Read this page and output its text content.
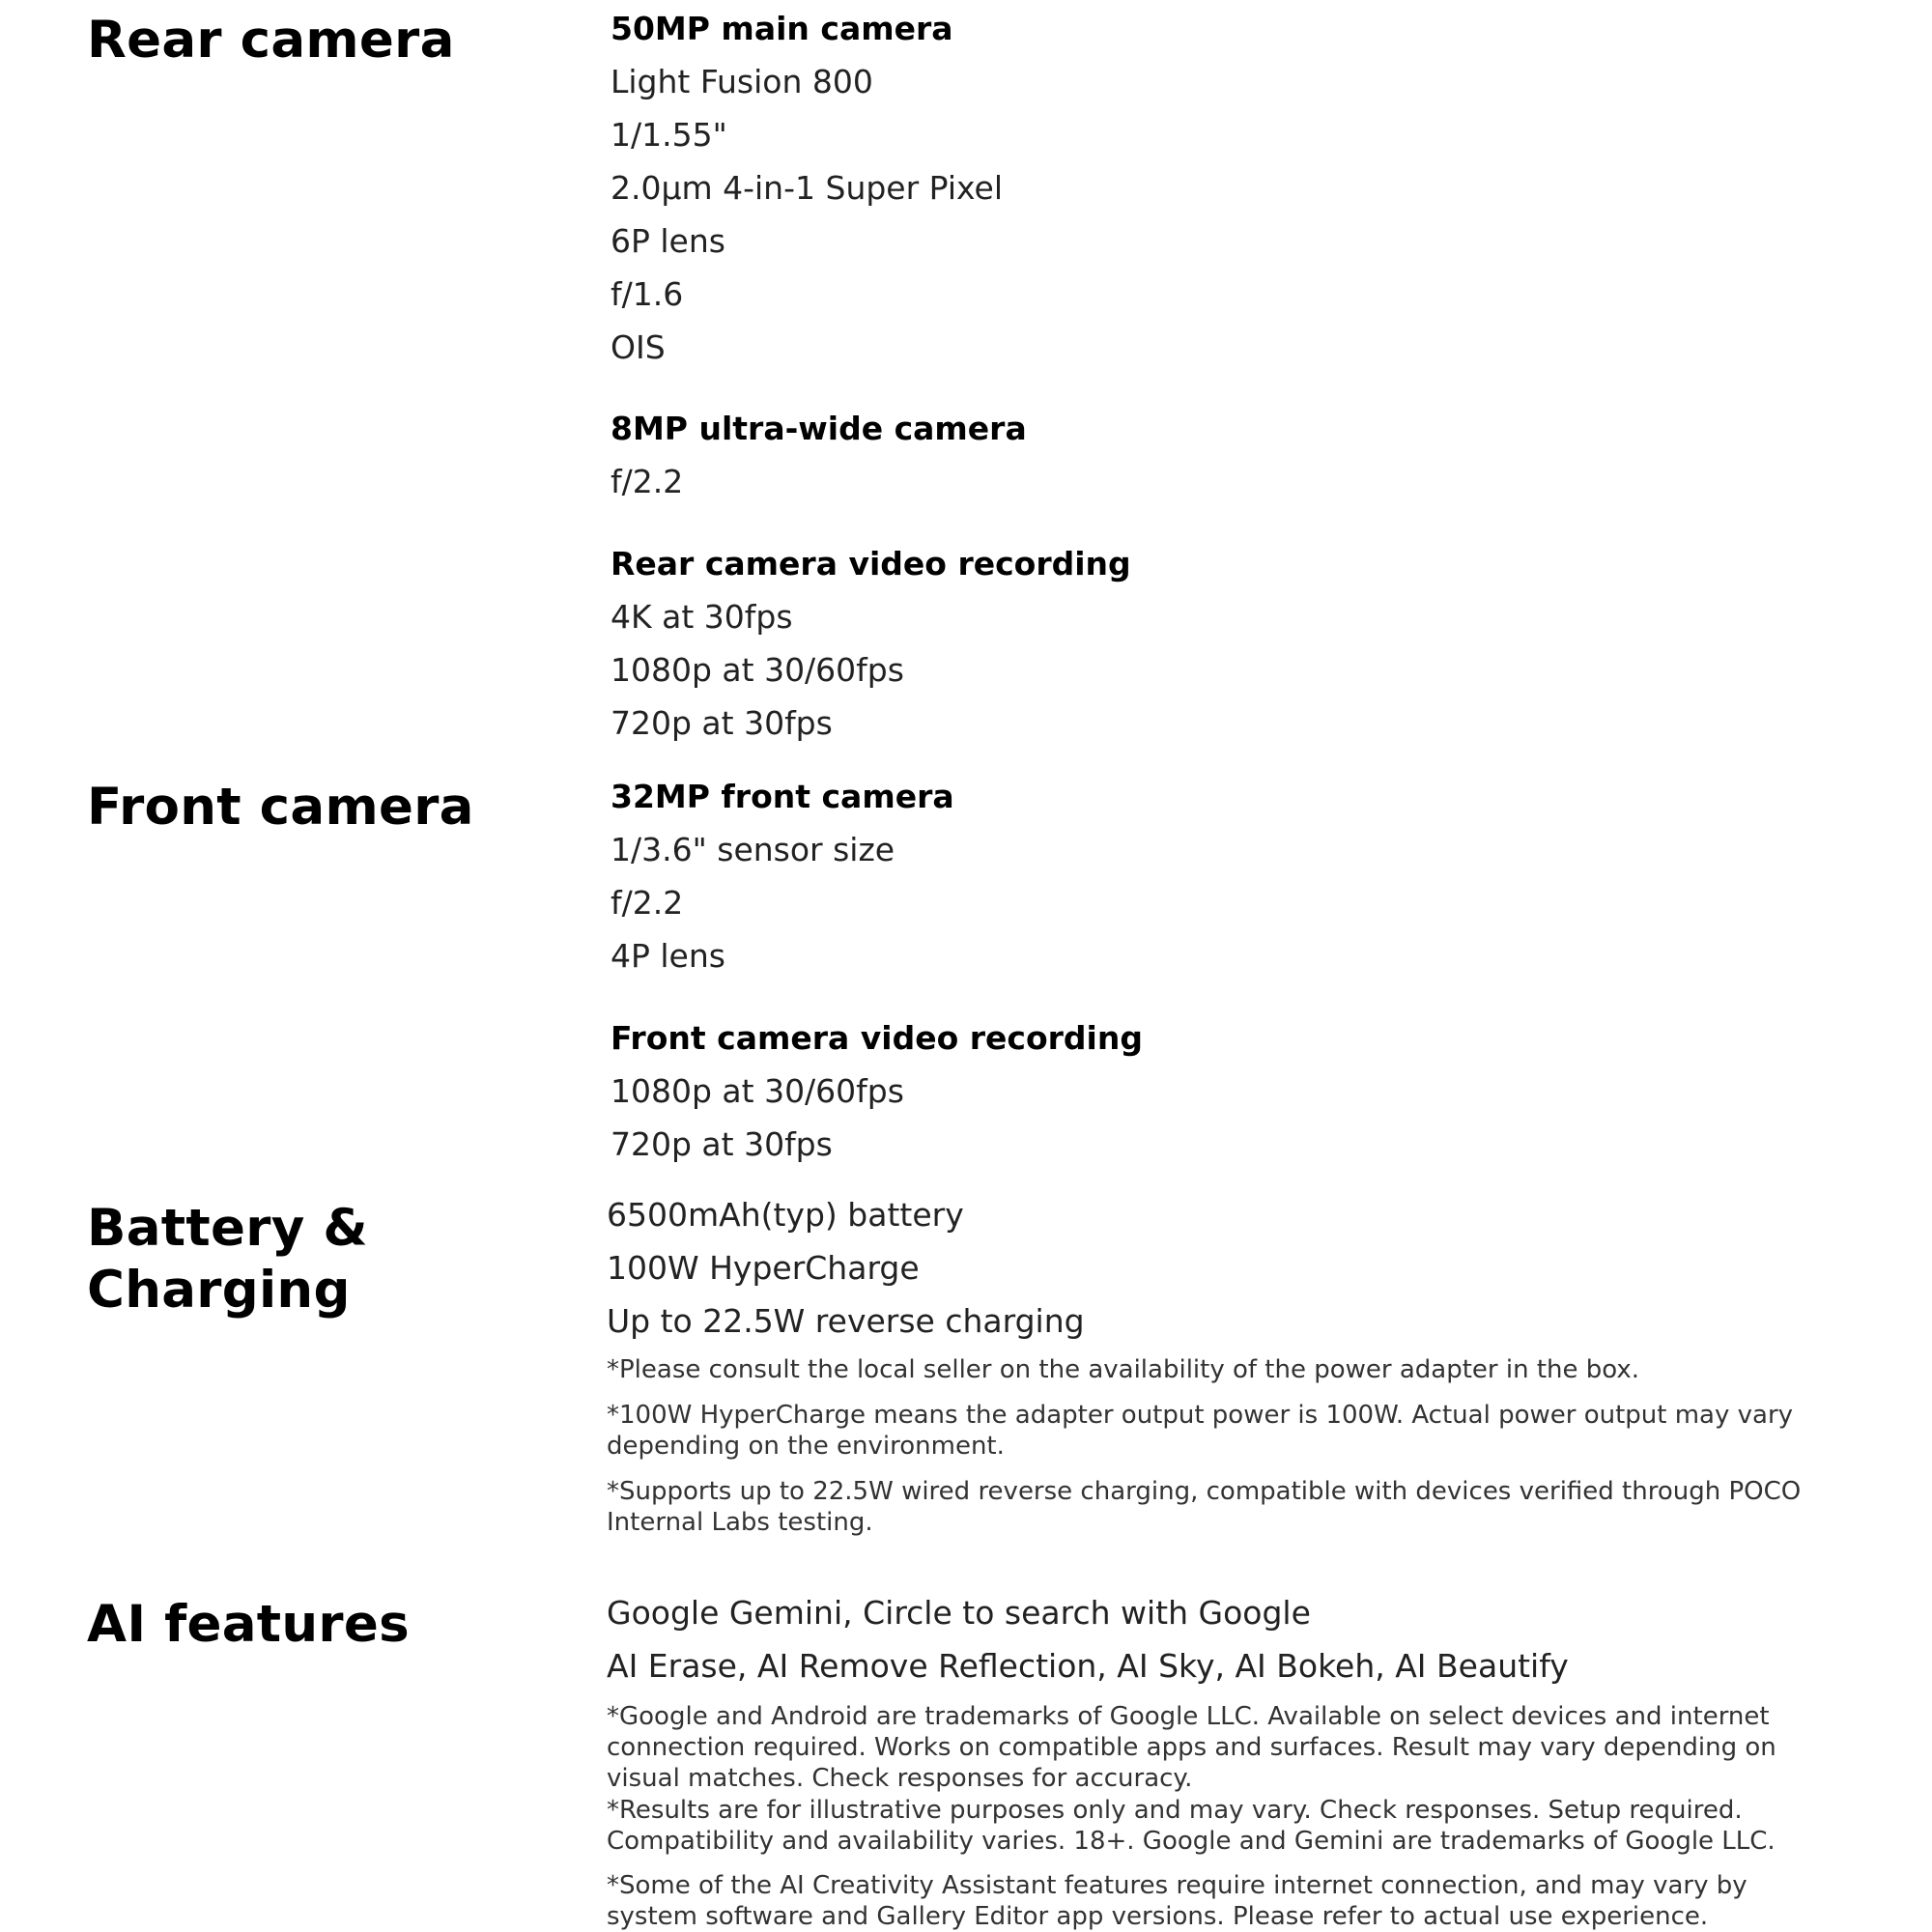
Rear camera	50MP main camera

Light Fusion 800

1/1.55"

2.0μm 4-in-1 Super Pixel

6P lens

f/1.6

OIS

8MP ultra-wide camera

f/2.2

Rear camera video recording

4K at 30fps

1080p at 30/60fps

720p at 30fps

Front camera	32MP front camera

1/3.6" sensor size

f/2.2

4P lens

Front camera video recording

1080p at 30/60fps

720p at 30fps

Battery &
Charging

6500mAh(typ) battery

100W HyperCharge

Up to 22.5W reverse charging

*Please consult the local seller on the availability of the power adapter in the box.

*100W HyperCharge means the adapter output power is 100W. Actual power output may vary depending on the environment.

*Supports up to 22.5W wired reverse charging, compatible with devices verified through POCO Internal Labs testing.

AI features	Google Gemini, Circle to search with Google

AI Erase, AI Remove Reflection, AI Sky, AI Bokeh, AI Beautify

*Google and Android are trademarks of Google LLC. Available on select devices and internet connection required. Works on compatible apps and surfaces. Result may vary depending on visual matches. Check responses for accuracy.

*Results are for illustrative purposes only and may vary. Check responses. Setup required. Compatibility and availability varies. 18+. Google and Gemini are trademarks of Google LLC.

*Some of the AI Creativity Assistant features require internet connection, and may vary by system software and Gallery Editor app versions. Please refer to actual use experience.
